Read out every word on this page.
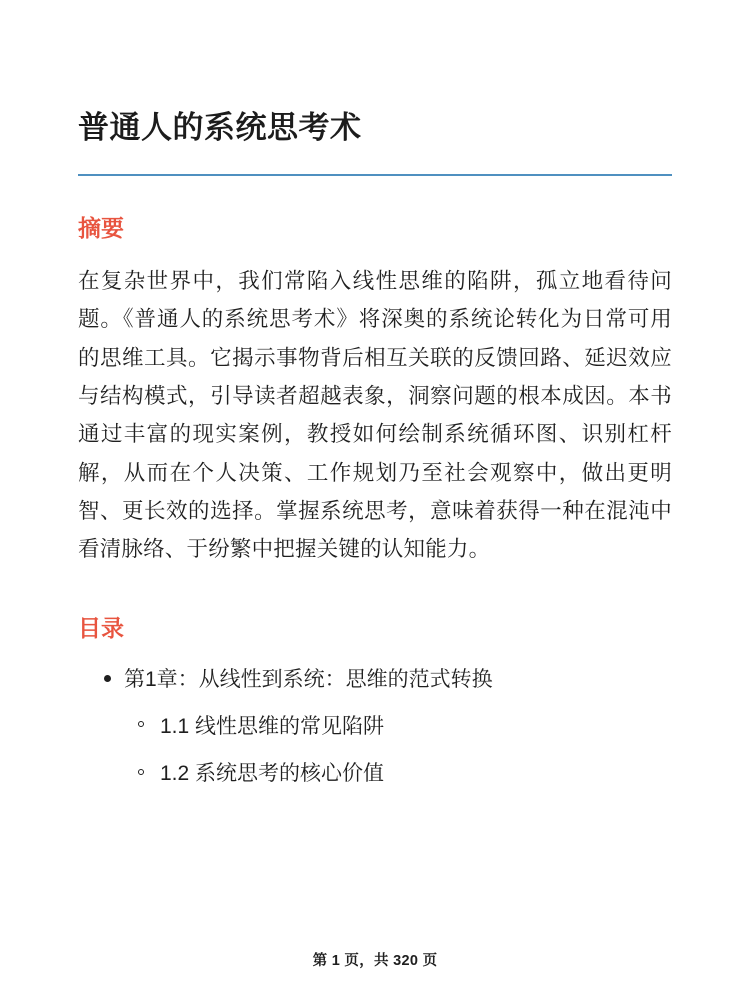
普通人的系统思考术
摘要

在复杂世界中，我们常陷入线性思维的陷阱，孤立地看待问题。《普通人的系统思考术》将深奥的系统论转化为日常可用的思维工具。它揭示事物背后相互关联的反馈回路、延迟效应与结构模式，引导读者超越表象，洞察问题的根本成因。本书通过丰富的现实案例，教授如何绘制系统循环图、识别杠杆解，从而在个人决策、工作规划乃至社会观察中，做出更明智、更长效的选择。掌握系统思考，意味着获得一种在混沌中看清脉络、于纷繁中把握关键的认知能力。

目录
第1章：从线性到系统：思维的范式转换
1.1 线性思维的常见陷阱
1.2 系统思考的核心价值
第 1 页，共 320 页
